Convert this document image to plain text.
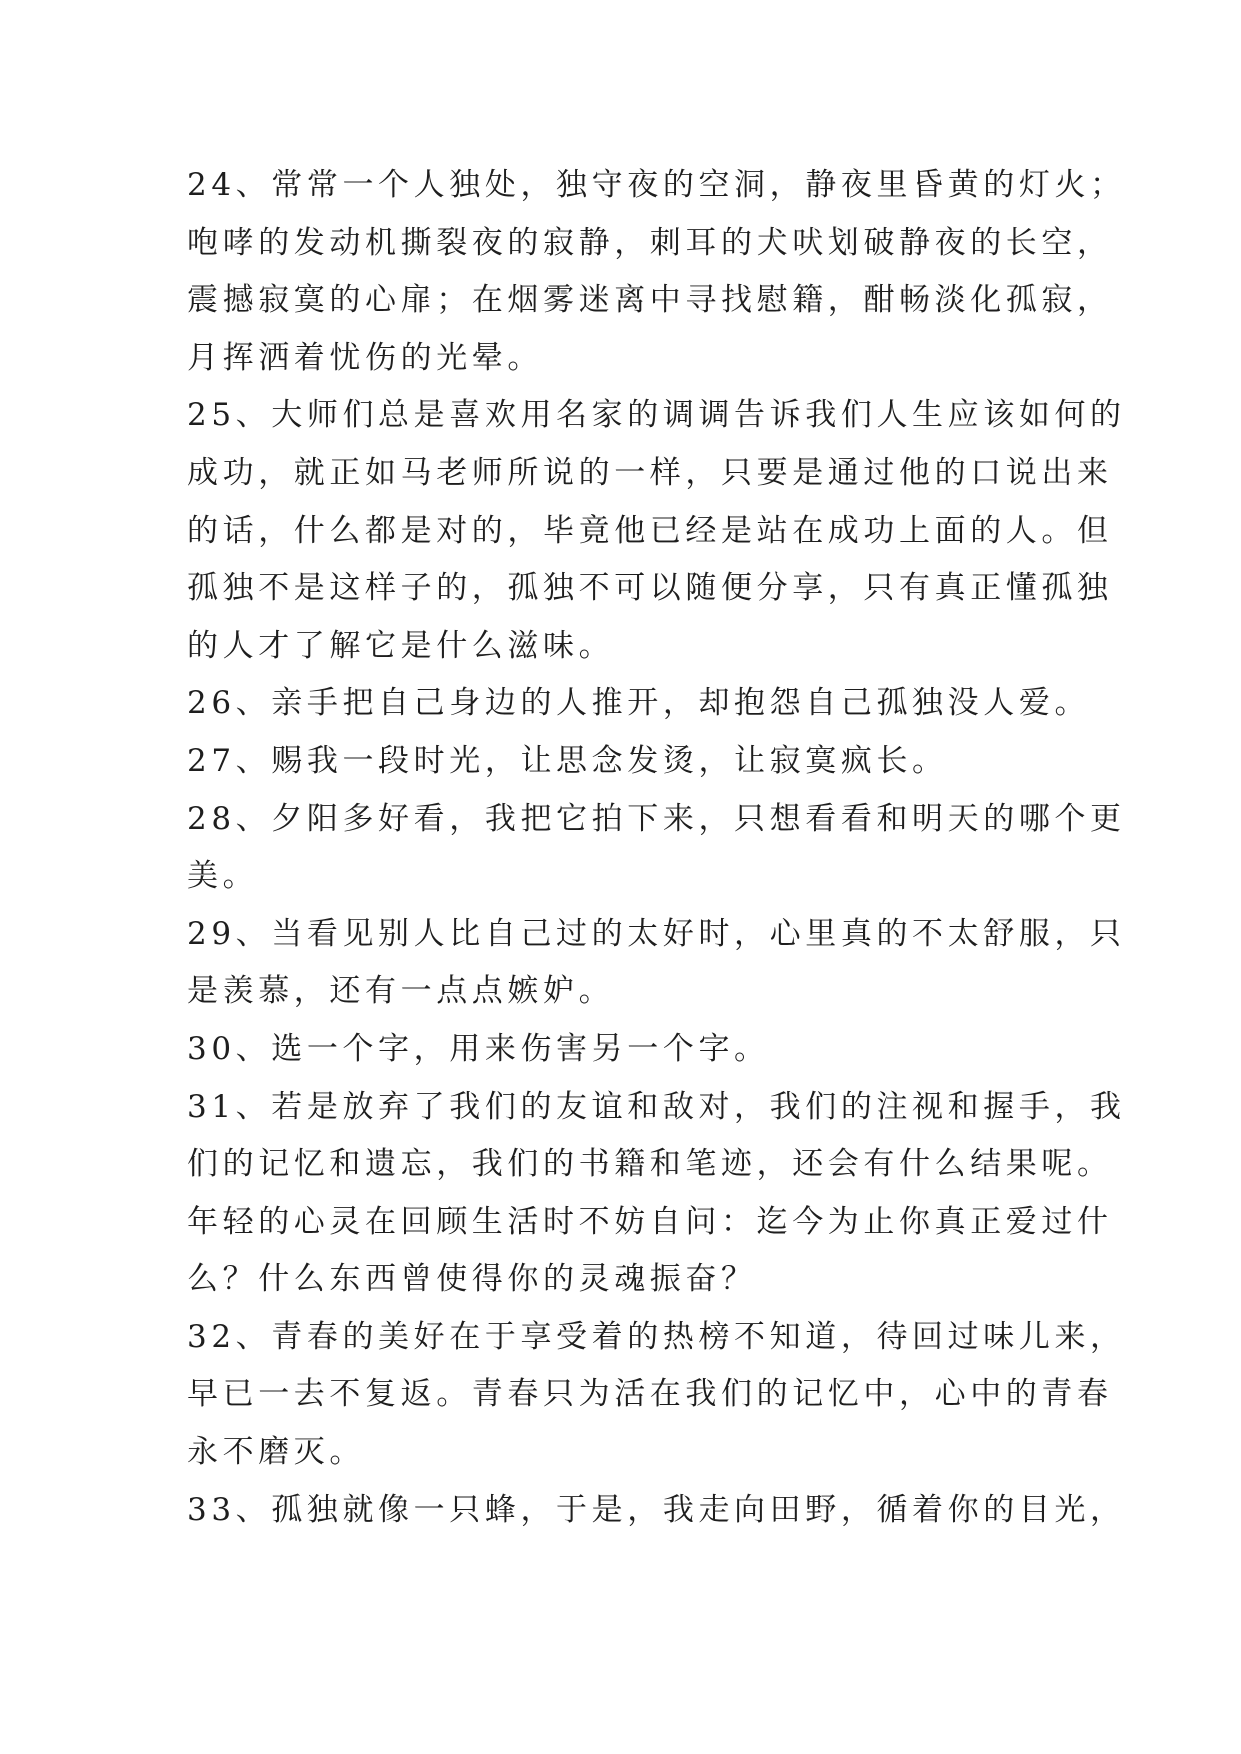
24、常常一个人独处，独守夜的空洞，静夜里昏黄的灯火；
咆哮的发动机撕裂夜的寂静，刺耳的犬吠划破静夜的长空，
震撼寂寞的心扉；在烟雾迷离中寻找慰籍，酣畅淡化孤寂，
月挥洒着忧伤的光晕。
25、大师们总是喜欢用名家的调调告诉我们人生应该如何的
成功，就正如马老师所说的一样，只要是通过他的口说出来
的话，什么都是对的，毕竟他已经是站在成功上面的人。但
孤独不是这样子的，孤独不可以随便分享，只有真正懂孤独
的人才了解它是什么滋味。
26、亲手把自己身边的人推开，却抱怨自己孤独没人爱。
27、赐我一段时光，让思念发烫，让寂寞疯长。
28、夕阳多好看，我把它拍下来，只想看看和明天的哪个更
美。
29、当看见别人比自己过的太好时，心里真的不太舒服，只
是羡慕，还有一点点嫉妒。
30、选一个字，用来伤害另一个字。
31、若是放弃了我们的友谊和敌对，我们的注视和握手，我
们的记忆和遗忘，我们的书籍和笔迹，还会有什么结果呢。
年轻的心灵在回顾生活时不妨自问：迄今为止你真正爱过什
么？什么东西曾使得你的灵魂振奋？
32、青春的美好在于享受着的热榜不知道，待回过味儿来，
早已一去不复返。青春只为活在我们的记忆中，心中的青春
永不磨灭。
33、孤独就像一只蜂，于是，我走向田野，循着你的目光，
